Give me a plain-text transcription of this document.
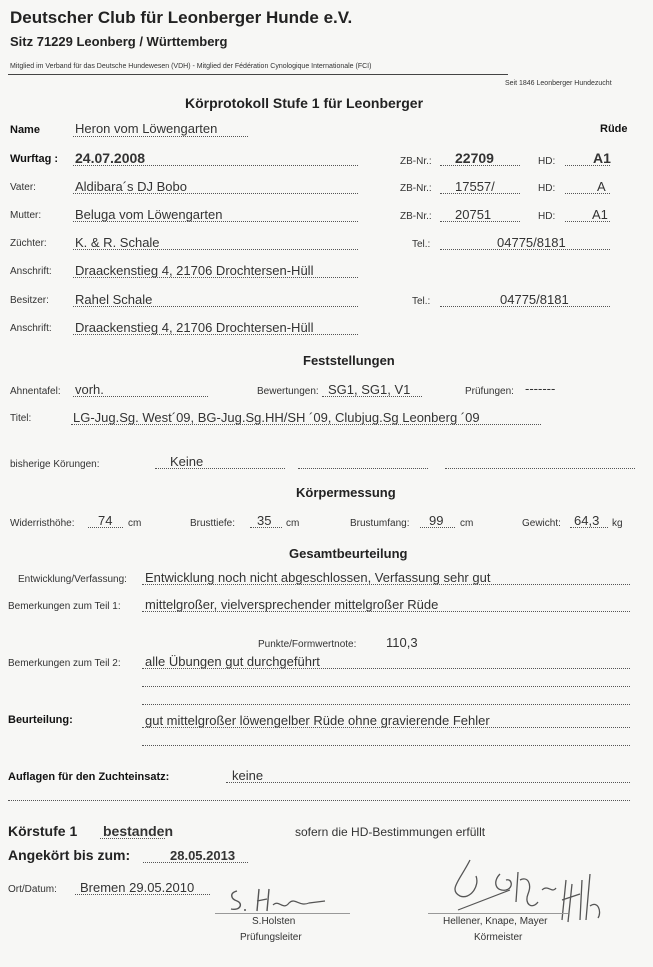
Deutscher Club für Leonberger Hunde e.V.
Sitz 71229 Leonberg / Württemberg
Mitglied im Verband für das Deutsche Hundewesen (VDH) - Mitglied der Fédération Cynologique Internationale (FCI)
Seit 1846 Leonberger Hundezucht
Körprotokoll Stufe 1 für Leonberger
Name	Heron vom Löwengarten	Rüde
Wurftag : 24.07.2008	ZB-Nr.: 22709	HD:	A1
Vater:	Aldibara´s DJ Bobo	ZB-Nr.: 17557/	HD:	A
Mutter:	Beluga vom Löwengarten	ZB-Nr.: 20751	HD:	A1
Züchter: K. & R. Schale	Tel.:	04775/8181
Anschrift: Draackenstieg 4, 21706 Drochtersen-Hüll
Besitzer: Rahel Schale	Tel.:	04775/8181
Anschrift: Draackenstieg 4, 21706 Drochtersen-Hüll
Feststellungen
Ahnentafel: vorh.	Bewertungen: SG1, SG1, V1	Prüfungen: -------
Titel:	LG-Jug.Sg. West´09, BG-Jug.Sg.HH/SH ´09, Clubjug.Sg Leonberg ´09
bisherige Körungen:	Keine
Körpermessung
Widerristhöhe: 74 cm	Brusttiefe: 35 cm	Brustumfang: 99 cm	Gewicht: 64,3 kg
Gesamtbeurteilung
Entwicklung/Verfassung: Entwicklung noch nicht abgeschlossen, Verfassung sehr gut
Bemerkungen zum Teil 1: mittelgroßer, vielversprechender mittelgroßer Rüde
Punkte/Formwertnote: 110,3
Bemerkungen zum Teil 2: alle Übungen gut durchgeführt
Beurteilung:	gut mittelgroßer löwengelber Rüde ohne gravierende Fehler
Auflagen für den Zuchteinsatz:	keine
Körstufe 1 bestanden	sofern die HD-Bestimmungen erfüllt
Angekört bis zum:	28.05.2013
Ort/Datum: Bremen 29.05.2010
S.Holsten
Prüfungsleiter
Hellener, Knape, Mayer
Körmeister
